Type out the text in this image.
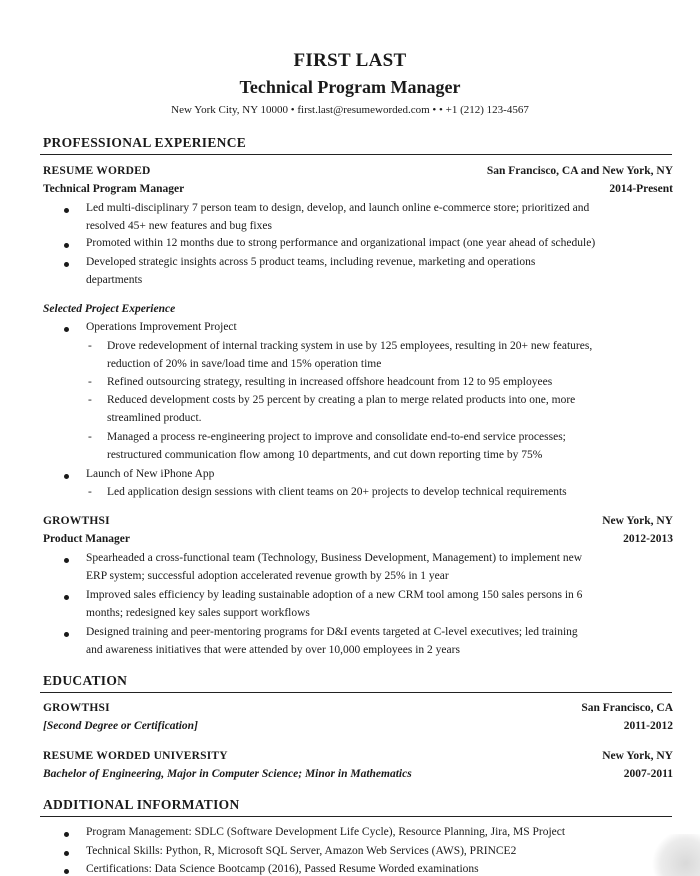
FIRST LAST
Technical Program Manager
New York City, NY 10000 • first.last@resumeworded.com • • +1 (212) 123-4567
PROFESSIONAL EXPERIENCE
RESUME WORDED	San Francisco, CA and New York, NY
Technical Program Manager	2014-Present
Led multi-disciplinary 7 person team to design, develop, and launch online e-commerce store; prioritized and
resolved 45+ new features and bug fixes
Promoted within 12 months due to strong performance and organizational impact (one year ahead of schedule)
Developed strategic insights across 5 product teams, including revenue, marketing and operations
departments
Selected Project Experience
Operations Improvement Project
- Drove redevelopment of internal tracking system in use by 125 employees, resulting in 20+ new features,
reduction of 20% in save/load time and 15% operation time
- Refined outsourcing strategy, resulting in increased offshore headcount from 12 to 95 employees
- Reduced development costs by 25 percent by creating a plan to merge related products into one, more
streamlined product.
- Managed a process re-engineering project to improve and consolidate end-to-end service processes;
restructured communication flow among 10 departments, and cut down reporting time by 75%
Launch of New iPhone App
- Led application design sessions with client teams on 20+ projects to develop technical requirements
GROWTHSI	New York, NY
Product Manager	2012-2013
Spearheaded a cross-functional team (Technology, Business Development, Management) to implement new
ERP system; successful adoption accelerated revenue growth by 25% in 1 year
Improved sales efficiency by leading sustainable adoption of a new CRM tool among 150 sales persons in 6
months; redesigned key sales support workflows
Designed training and peer-mentoring programs for D&I events targeted at C-level executives; led training
and awareness initiatives that were attended by over 10,000 employees in 2 years
EDUCATION
GROWTHSI	San Francisco, CA
[Second Degree or Certification]	2011-2012
RESUME WORDED UNIVERSITY	New York, NY
Bachelor of Engineering, Major in Computer Science; Minor in Mathematics	2007-2011
ADDITIONAL INFORMATION
Program Management: SDLC (Software Development Life Cycle), Resource Planning, Jira, MS Project
Technical Skills: Python, R, Microsoft SQL Server, Amazon Web Services (AWS), PRINCE2
Certifications: Data Science Bootcamp (2016), Passed Resume Worded examinations
